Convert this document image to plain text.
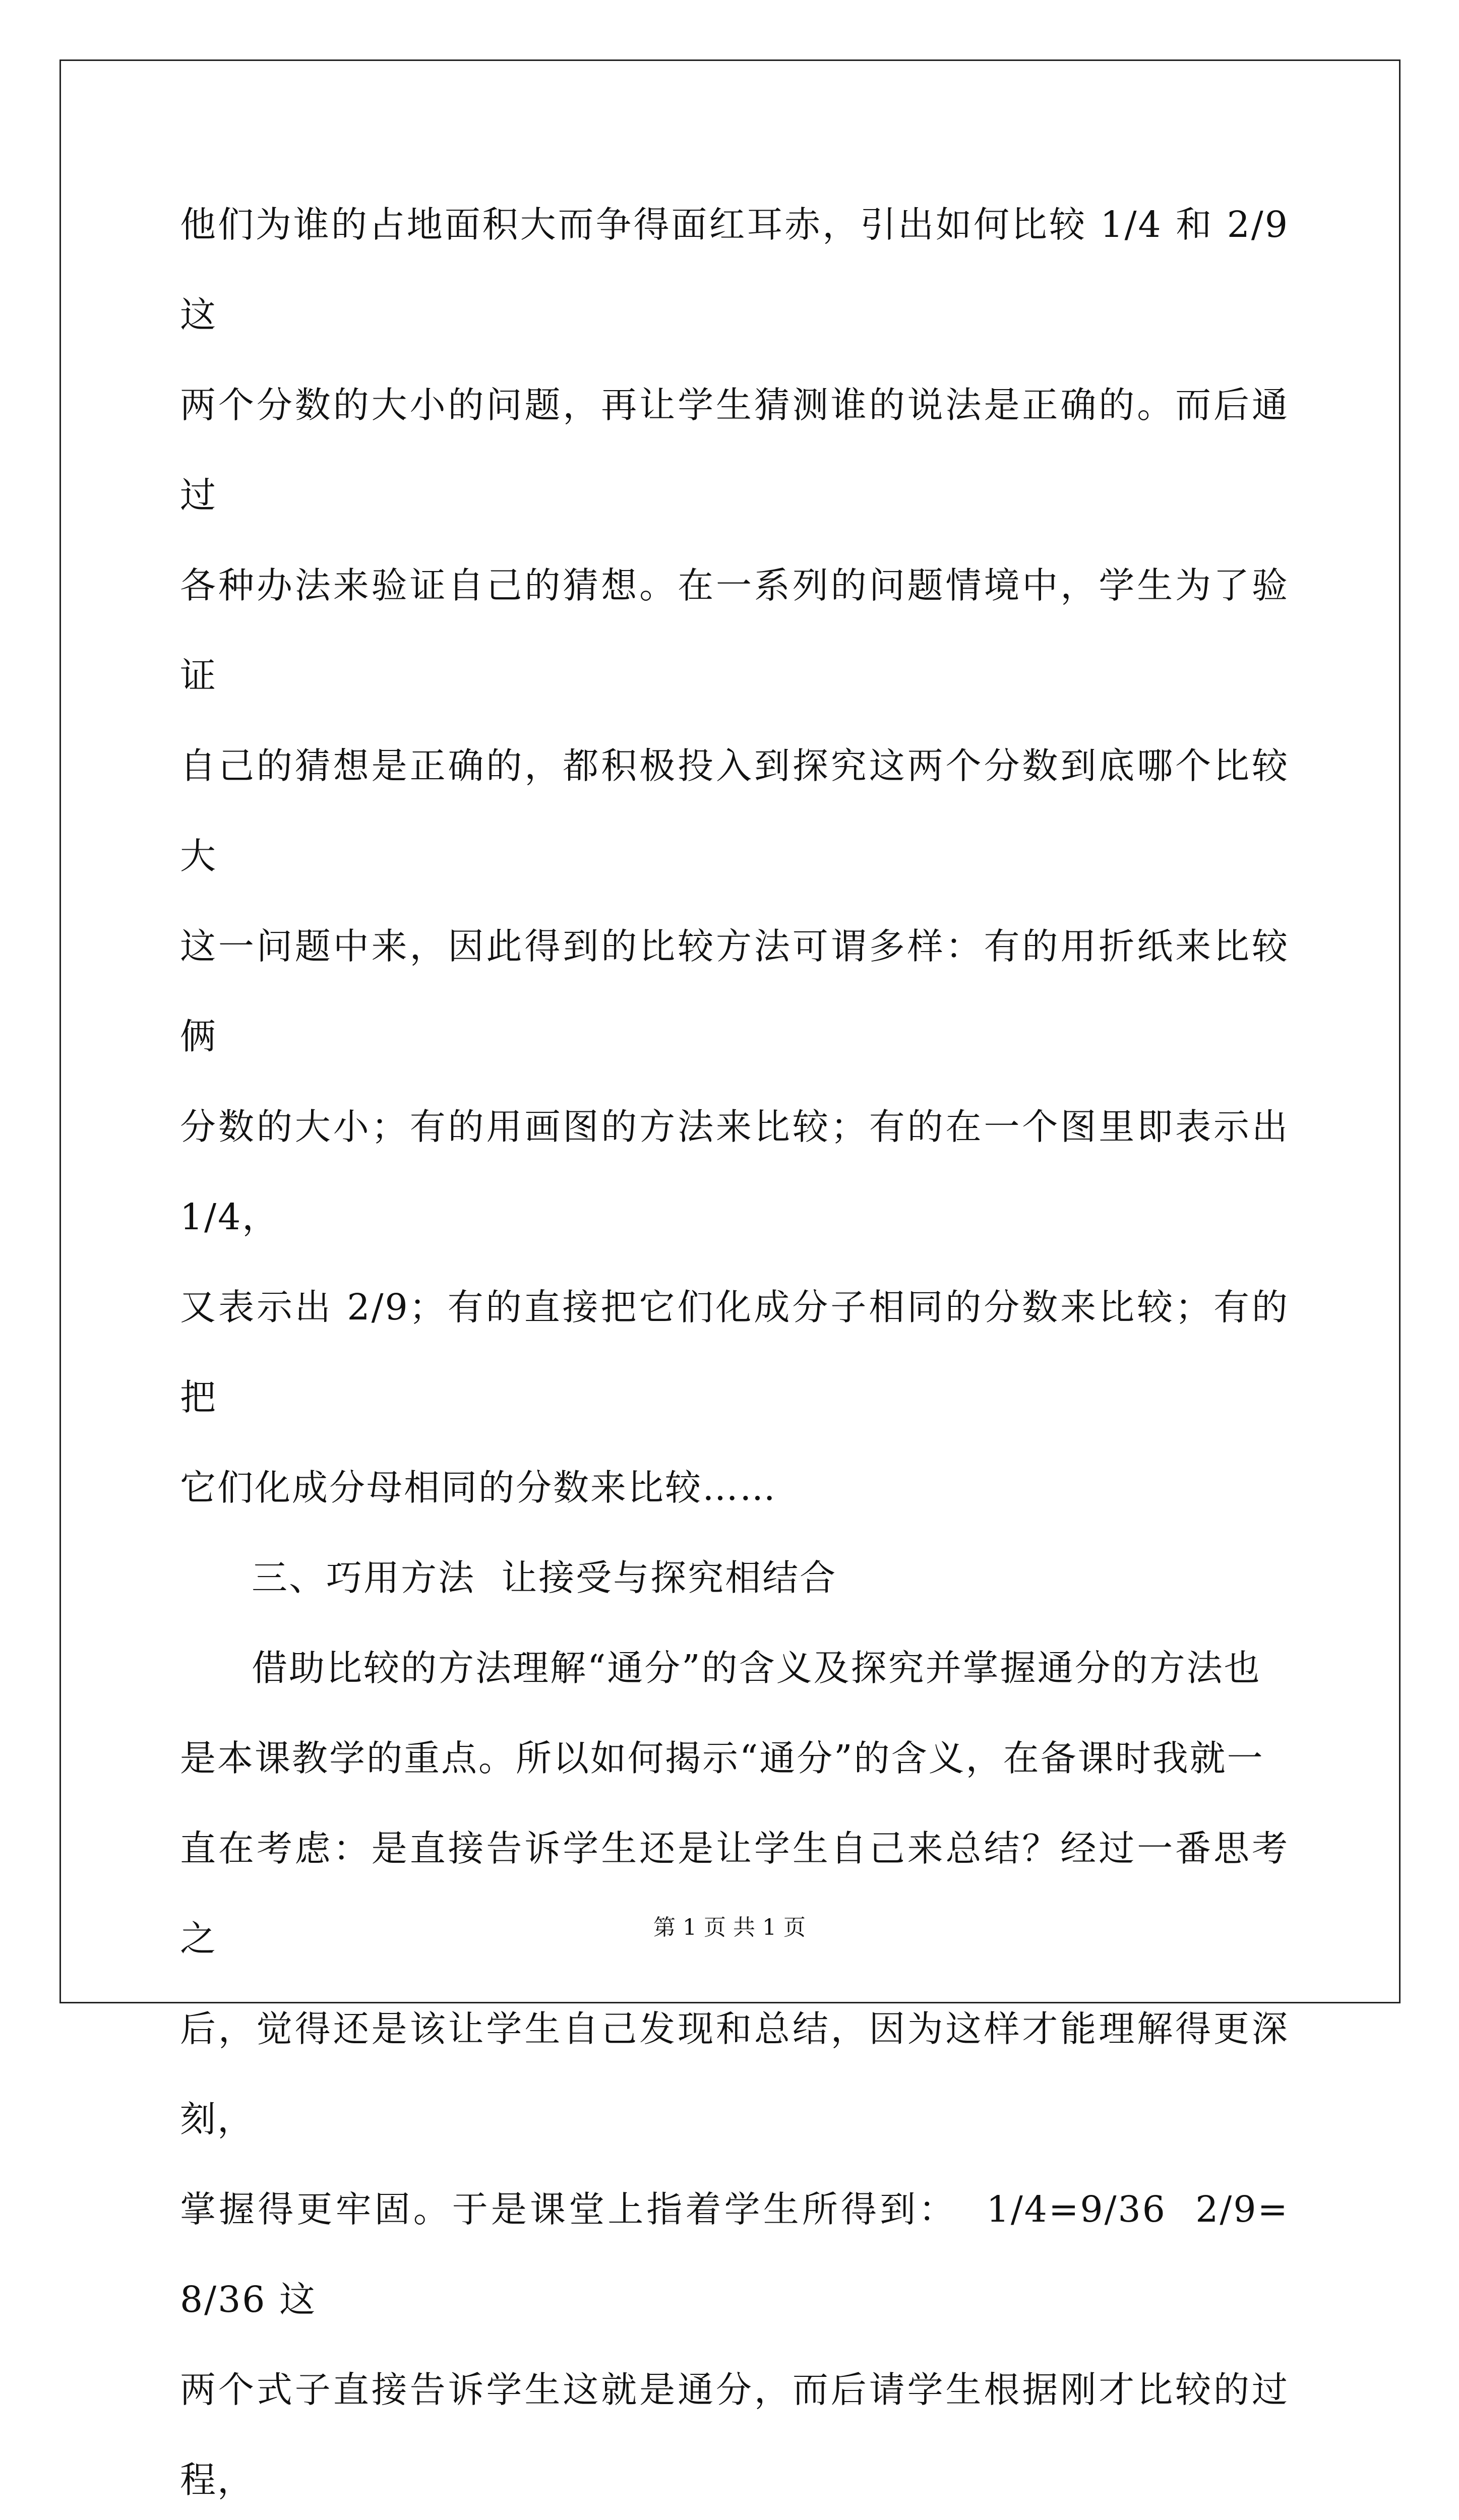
他们为谁的占地面积大而争得面红耳赤，引出如何比较 1/4 和 2/9 这
两个分数的大小的问题，再让学生猜测谁的说法是正确的。而后通过
各种办法来验证自己的猜想。在一系列的问题情境中，学生为了验证
自己的猜想是正确的，都积极投入到探究这两个分数到底哪个比较大
这一问题中来，因此得到的比较方法可谓多样：有的用折纸来比较俩
分数的大小；有的用画图的方法来比较；有的在一个图里即表示出 1/4，
又表示出 2/9；有的直接把它们化成分子相同的分数来比较；有的把
它们化成分母相同的分数来比较……

三、巧用方法  让接受与探究相结合

借助比较的方法理解“通分”的含义及探究并掌握通分的方法也
是本课教学的重点。所以如何揭示“通分”的含义，在备课时我就一
直在考虑：是直接告诉学生还是让学生自己来总结？经过一番思考之
后，觉得还是该让学生自己发现和总结，因为这样才能理解得更深刻，
掌握得更牢固。于是课堂上指着学生所得到：  1/4=9/36  2/9=8/36 这
两个式子直接告诉学生这就是通分，而后请学生根据刚才比较的过程，

第 1 页 共 1 页
